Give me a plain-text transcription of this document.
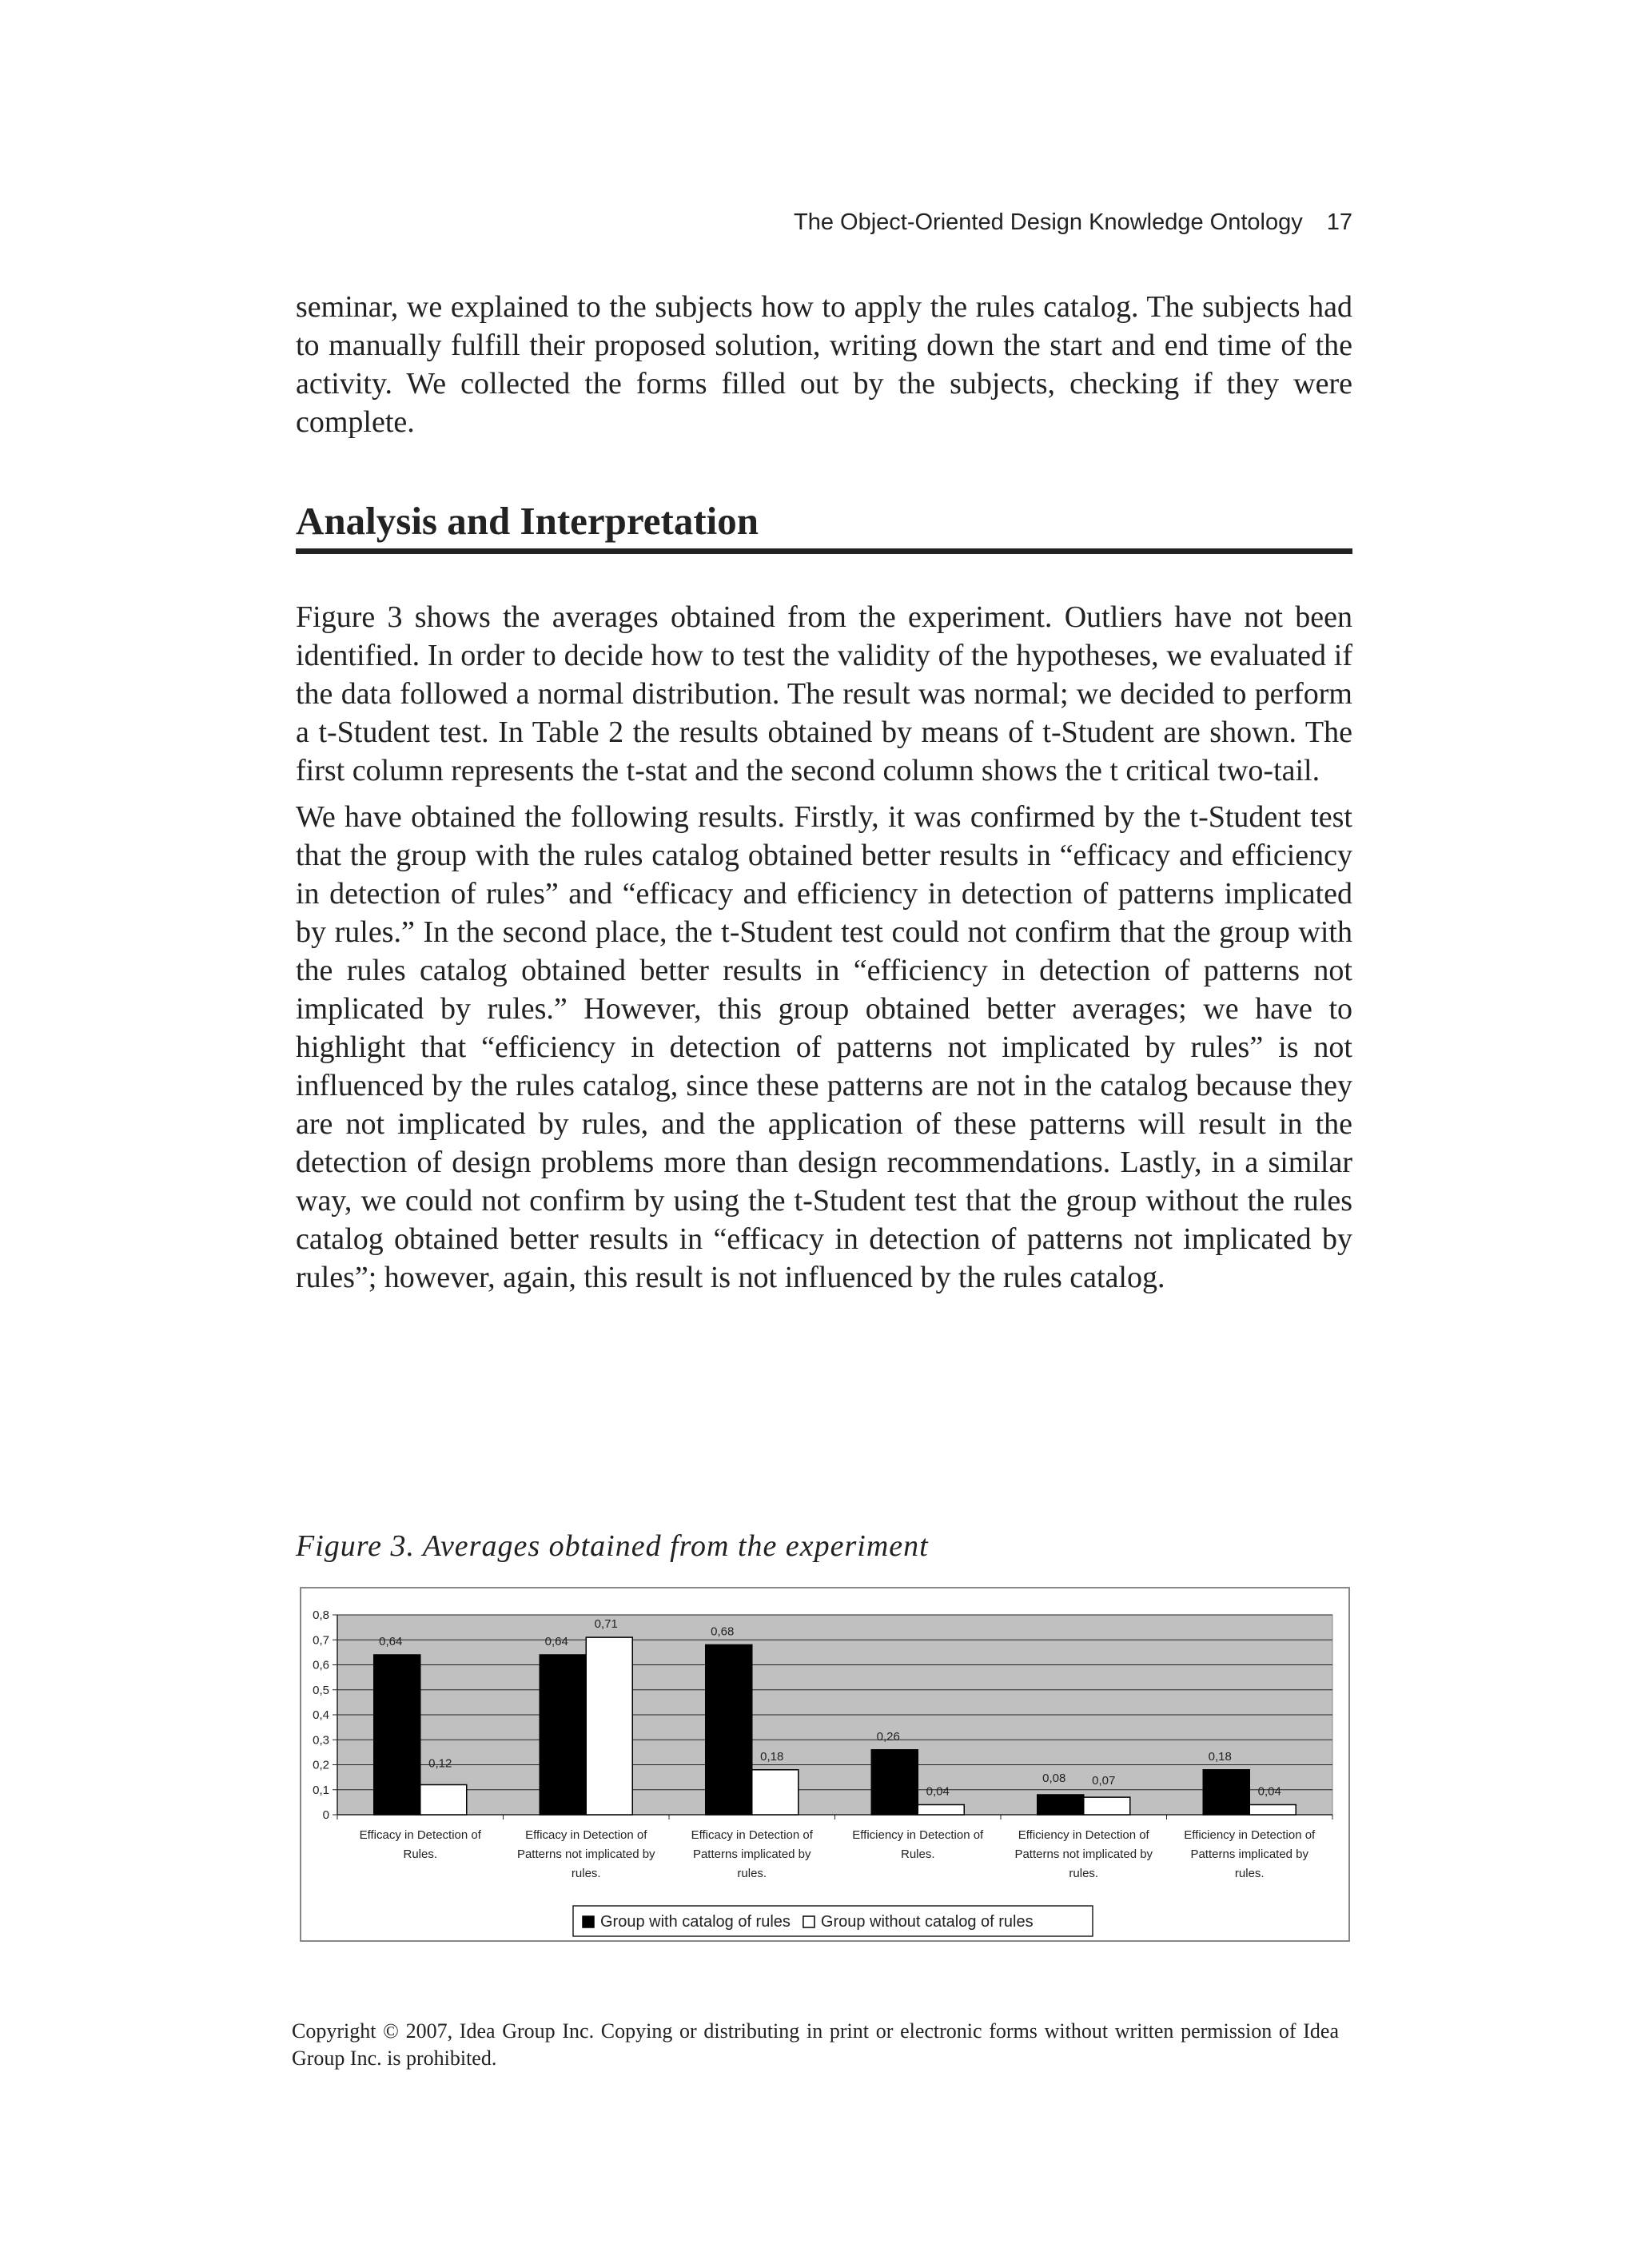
The Object-Oriented Design Knowledge Ontology 17

seminar, we explained to the subjects how to apply the rules catalog. The subjects had to manually fulfill their proposed solution, writing down the start and end time of the activity. We collected the forms filled out by the subjects, checking if they were complete.

Analysis and Interpretation

Figure 3 shows the averages obtained from the experiment. Outliers have not been identified. In order to decide how to test the validity of the hypotheses, we evaluated if the data followed a normal distribution. The result was normal; we decided to perform a t-Student test. In Table 2 the results obtained by means of t-Student are shown. The first column represents the t-stat and the second column shows the t critical two-tail.

We have obtained the following results. Firstly, it was confirmed by the t-Student test that the group with the rules catalog obtained better results in “efficacy and efficiency in detection of rules” and “efficacy and efficiency in detection of patterns implicated by rules.” In the second place, the t-Student test could not confirm that the group with the rules catalog obtained better results in “efficiency in detection of patterns not implicated by rules.” However, this group obtained better averages; we have to highlight that “efficiency in detection of patterns not implicated by rules” is not influenced by the rules catalog, since these patterns are not in the catalog because they are not implicated by rules, and the application of these patterns will result in the detection of design problems more than design recommendations. Lastly, in a similar way, we could not confirm by using the t-Student test that the group without the rules catalog obtained better results in “efficacy in detection of patterns not implicated by rules”; however, again, this result is not influenced by the rules catalog.

Figure 3. Averages obtained from the experiment
0
0,1
0,2
0,3
0,4
0,5
0,6
0,7
0,8
0,64
0,12
Efficacy in Detection of
Rules.
0,64
0,71
Efficacy in Detection of
Patterns not implicated by
rules.
0,68
0,18
Efficacy in Detection of
Patterns implicated by
rules.
0,26
0,04
Efficiency in Detection of
Rules.
0,08 0,07
Efficiency in Detection of
Patterns not implicated by
rules.
0,18
0,04
Efficiency in Detection of
Patterns implicated by
rules.
Group with catalog of rules Group without catalog of rules
Copyright © 2007, Idea Group Inc. Copying or distributing in print or electronic forms without written permission of Idea Group Inc. is prohibited.
